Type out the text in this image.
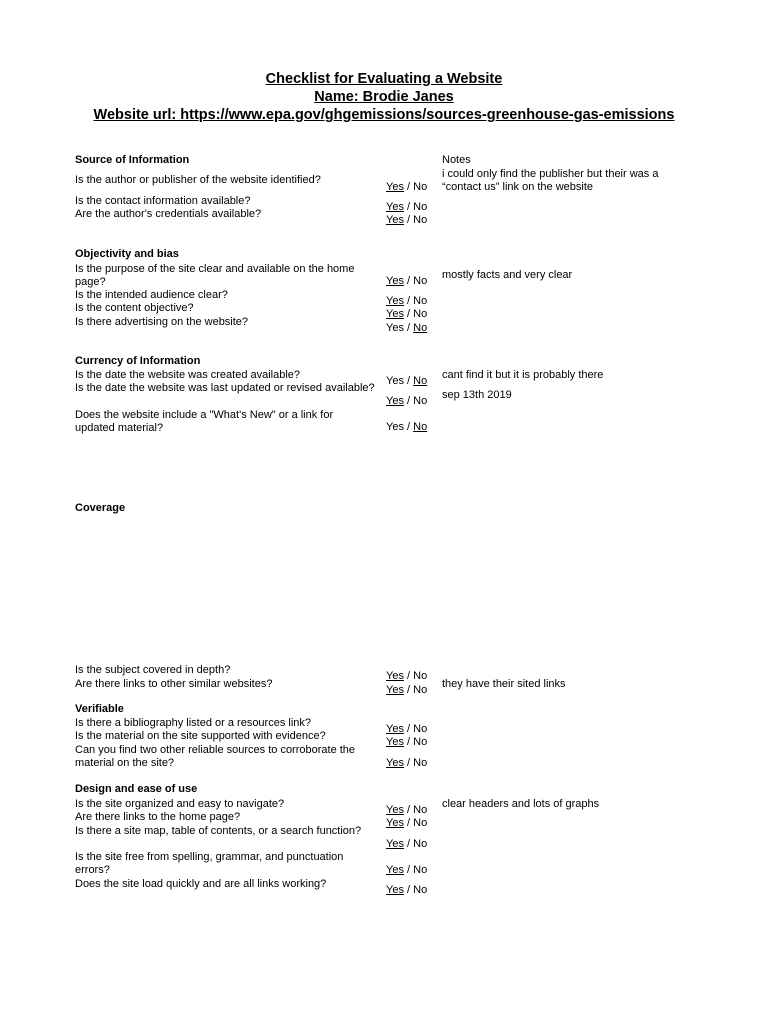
Checklist for Evaluating a Website
Name: Brodie Janes
Website url: https://www.epa.gov/ghgemissions/sources-greenhouse-gas-emissions
Notes
Source of Information
Is the author or publisher of the website identified?
Yes / No
i could only find the publisher but their was a “contact us” link on the website
Is the contact information available?	Yes / No
Are the author's credentials available?	Yes / No
Objectivity and bias
Is the purpose of the site clear and available on the home page?	Yes / No mostly facts and very clear
Is the intended audience clear?	Yes / No
Is the content objective?	Yes / No
Is there advertising on the website?	Yes / No
Currency of Information
Is the date the website was created available?	Yes / No cant find it but it is probably there
Is the date the website was last updated or revised available?
Yes / No sep 13th 2019
Does the website include a "What's New" or a link for updated material?	Yes / No
Coverage
Is the subject covered in depth?	Yes / No
Are there links to other similar websites?	Yes / No they have their sited links
Verifiable
Is there a bibliography listed or a resources link?	Yes / No
Is the material on the site supported with evidence?	Yes / No
Can you find two other reliable sources to corroborate the material on the site?	Yes / No
Design and ease of use
Is the site organized and easy to navigate?	Yes / No clear headers and lots of graphs
Are there links to the home page?	Yes / No
Is there a site map, table of contents, or a search function?
Yes / No
Is the site free from spelling, grammar, and punctuation errors?	Yes / No
Does the site load quickly and are all links working?	Yes / No
